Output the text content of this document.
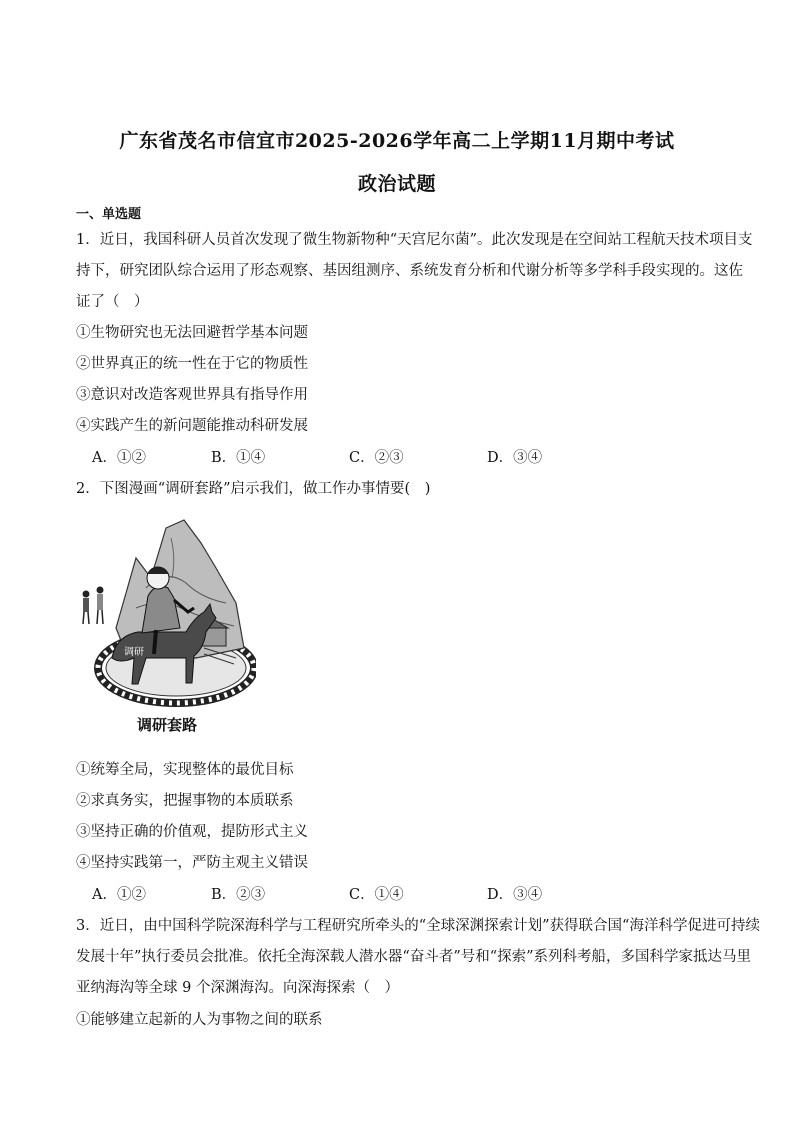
广东省茂名市信宜市2025-2026学年高二上学期11月期中考试
政治试题
一、单选题
1．近日，我国科研人员首次发现了微生物新物种“天宫尼尔菌”。此次发现是在空间站工程航天技术项目支
持下，研究团队综合运用了形态观察、基因组测序、系统发育分析和代谢分析等多学科手段实现的。这佐
证了（　）
①生物研究也无法回避哲学基本问题
②世界真正的统一性在于它的物质性
③意识对改造客观世界具有指导作用
④实践产生的新问题能推动科研发展
A．①②	B．①④	C．②③	D．③④
2．下图漫画“调研套路”启示我们，做工作办事情要(　)
调研
调研套路
①统筹全局，实现整体的最优目标
②求真务实，把握事物的本质联系
③坚持正确的价值观，提防形式主义
④坚持实践第一，严防主观主义错误
A．①②	B．②③	C．①④	D．③④
3．近日，由中国科学院深海科学与工程研究所牵头的“全球深渊探索计划”获得联合国“海洋科学促进可持续
发展十年”执行委员会批准。依托全海深载人潜水器“奋斗者”号和“探索”系列科考船，多国科学家抵达马里
亚纳海沟等全球 9 个深渊海沟。向深海探索（　）
①能够建立起新的人为事物之间的联系
